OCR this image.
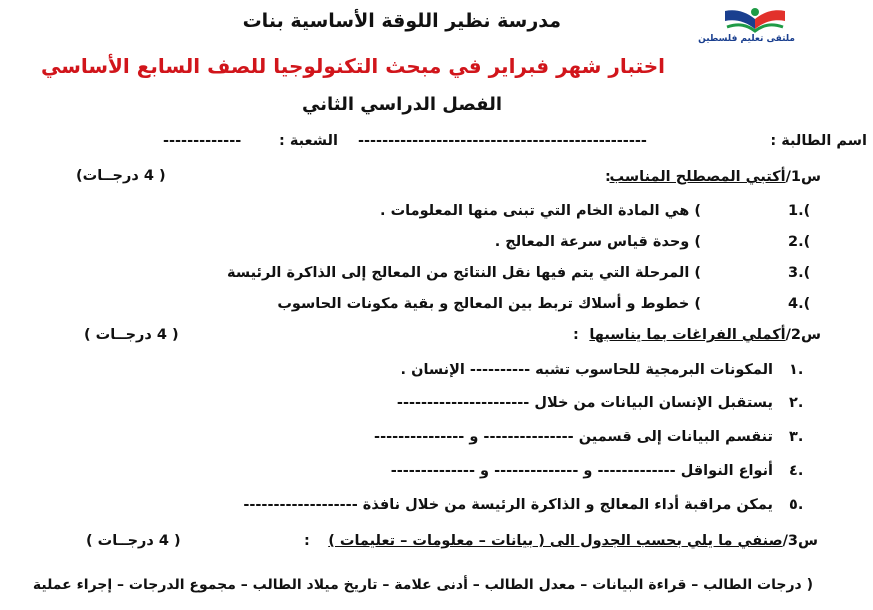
ملتقى تعليم فلسطين
مدرسة نظير اللوقة الأساسية بنات
اختبار شهر فبراير في مبحث التكنولوجيا للصف السابع الأساسي
الفصل الدراسي الثاني
اسم الطالبة :
------------------------------------------------
الشعبة :
-------------
س1/أكتبي المصطلح المناسب
:
( 4 درجــات)
1.(
) هي المادة الخام التي تبنى منها المعلومات .
2.(
) وحدة قياس سرعة المعالج .
3.(
) المرحلة التي يتم فيها نقل النتائج من المعالج إلى الذاكرة الرئيسة
4.(
) خطوط و أسلاك تربط بين المعالج و بقية مكونات الحاسوب
س2/أكملي الفراغات بما يناسبها
:
( 4 درجــات )
١.
المكونات البرمجية للحاسوب تشبه ---------- الإنسان .
٢.
يستقبل الإنسان البيانات من خلال ----------------------
٣.
تنقسم البيانات إلى قسمين --------------- و ---------------
٤.
أنواع النواقل ------------- و -------------- و --------------
٥.
يمكن مراقبة أداء المعالج و الذاكرة الرئيسة من خلال نافذة -------------------
س3/صنفي ما يلي بحسب الجدول الى ( بيانات – معلومات – تعليمات )
:
( 4 درجــات )
( درجات الطالب – قراءة البيانات – معدل الطالب – أدنى علامة – تاريخ ميلاد الطالب – مجموع الدرجات – إجراء عملية
